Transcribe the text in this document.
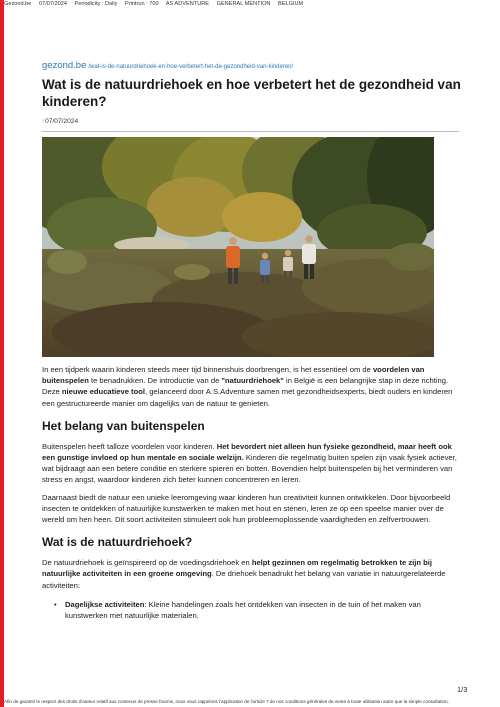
Gezond.be 07/07/2024 Periodicity : Daily Printrun : 700 AS ADVENTURE GENERAL MENTION BELGIUM
gezond.be /wat-is-de-natuurdriehoek-en-hoe-verbetert-het-de-gezondheid-van-kinderen/
Wat is de natuurdriehoek en hoe verbetert het de gezondheid van kinderen?
⁝07/07/2024

In een tijdperk waarin kinderen steeds meer tijd binnenshuis doorbrengen, is het essentieel om de voordelen van buitenspelen te benadrukken. De introductie van de "natuurdriehoek" in België is een belangrijke stap in deze richting. Deze nieuwe educatieve tool, gelanceerd door A.S.Adventure samen met gezondheidsexperts, biedt ouders en kinderen een gestructureerde manier om dagelijks van de natuur te genieten.

Het belang van buitenspelen

Buitenspelen heeft talloze voordelen voor kinderen. Het bevordert niet alleen hun fysieke gezondheid, maar heeft ook een gunstige invloed op hun mentale en sociale welzijn. Kinderen die regelmatig buiten spelen zijn vaak fysiek actiever, wat bijdraagt aan een betere conditie en sterkere spieren en botten. Bovendien helpt buitenspelen bij het verminderen van stress en angst, waardoor kinderen zich beter kunnen concentreren en leren.

Daarnaast biedt de natuur een unieke leeromgeving waar kinderen hun creativiteit kunnen ontwikkelen. Door bijvoorbeeld insecten te ontdekken of natuurlijke kunstwerken te maken met hout en stenen, leren ze op een speelse manier over de wereld om hen heen. Dit soort activiteiten stimuleert ook hun probleemoplossende vaardigheden en zelfvertrouwen.

Wat is de natuurdriehoek?

De natuurdriehoek is geïnspireerd op de voedingsdriehoek en helpt gezinnen om regelmatig betrokken te zijn bij natuurlijke activiteiten in een groene omgeving. De driehoek benadrukt het belang van variatie in natuurgerelateerde activiteiten:

• Dagelijkse activiteiten: Kleine handelingen zoals het ontdekken van insecten in de tuin of het maken van kunstwerken met natuurlijke materialen.
1/3
Afin de garantir le respect des droits d'auteur relatif aux contenus de presse fournis, nous vous rappelons l'application de l'article 7 de nos conditions générales de vente à toute utilisation autre que la simple consultation.
